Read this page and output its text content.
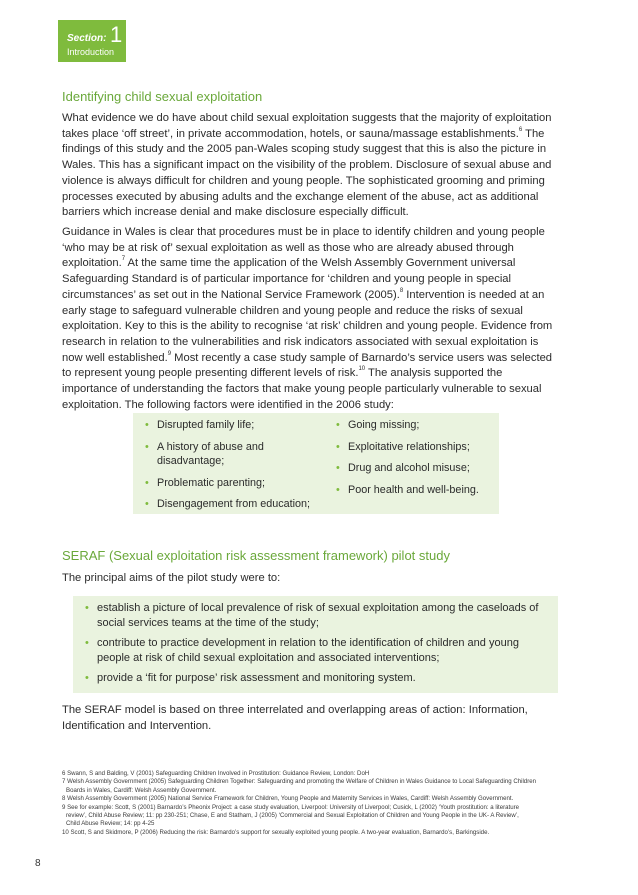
Section: 1
Introduction
Identifying child sexual exploitation

What evidence we do have about child sexual exploitation suggests that the majority of exploitation takes place ‘off street’, in private accommodation, hotels, or sauna/massage establishments.$^6$ The findings of this study and the 2005 pan-Wales scoping study suggest that this is also the picture in Wales. This has a significant impact on the visibility of the problem. Disclosure of sexual abuse and violence is always difficult for children and young people. The sophisticated grooming and priming processes executed by abusing adults and the exchange element of the abuse, act as additional barriers which increase denial and make disclosure especially difficult.

Guidance in Wales is clear that procedures must be in place to identify children and young people ‘who may be at risk of’ sexual exploitation as well as those who are already abused through exploitation.$^7$ At the same time the application of the Welsh Assembly Government universal Safeguarding Standard is of particular importance for ‘children and young people in special circumstances’ as set out in the National Service Framework (2005).$^8$ Intervention is needed at an early stage to safeguard vulnerable children and young people and reduce the risks of sexual exploitation. Key to this is the ability to recognise ‘at risk’ children and young people. Evidence from research in relation to the vulnerabilities and risk indicators associated with sexual exploitation is now well established.$^9$ Most recently a case study sample of Barnardo’s service users was selected to represent young people presenting different levels of risk.$^{10}$ The analysis supported the importance of understanding the factors that make young people particularly vulnerable to sexual exploitation. The following factors were identified in the 2006 study:

• Disrupted family life;
• A history of abuse and disadvantage;
• Problematic parenting;
• Disengagement from education;
• Going missing;
• Exploitative relationships;
• Drug and alcohol misuse;
• Poor health and well-being.
SERAF (Sexual exploitation risk assessment framework) pilot study

The principal aims of the pilot study were to:

• establish a picture of local prevalence of risk of sexual exploitation among the caseloads of social services teams at the time of the study;
• contribute to practice development in relation to the identification of children and young people at risk of child sexual exploitation and associated interventions;
• provide a ‘fit for purpose’ risk assessment and monitoring system.

The SERAF model is based on three interrelated and overlapping areas of action: Information, Identification and Intervention.

6 Swann, S and Balding, V (2001) Safeguarding Children Involved in Prostitution: Guidance Review, London: DoH

7 Welsh Assembly Government (2005) Safeguarding Children Together: Safeguarding and promoting the Welfare of Children in Wales Guidance to Local Safeguarding Children

Boards in Wales, Cardiff: Welsh Assembly Government.

8 Welsh Assembly Government (2005) National Service Framework for Children, Young People and Maternity Services in Wales, Cardiff: Welsh Assembly Government.

9 See for example: Scott, S (2001) Barnardo’s Pheonix Project: a case study evaluation, Liverpool: University of Liverpool; Cusick, L (2002) ‘Youth prostitution: a literature

review’, Child Abuse Review; 11: pp 230-251; Chase, E and Statham, J (2005) ‘Commercial and Sexual Exploitation of Children and Young People in the UK- A Review’,

Child Abuse Review; 14: pp 4-25

10 Scott, S and Skidmore, P (2006) Reducing the risk: Barnardo’s support for sexually exploited young people. A two-year evaluation, Barnardo’s, Barkingside.

8
